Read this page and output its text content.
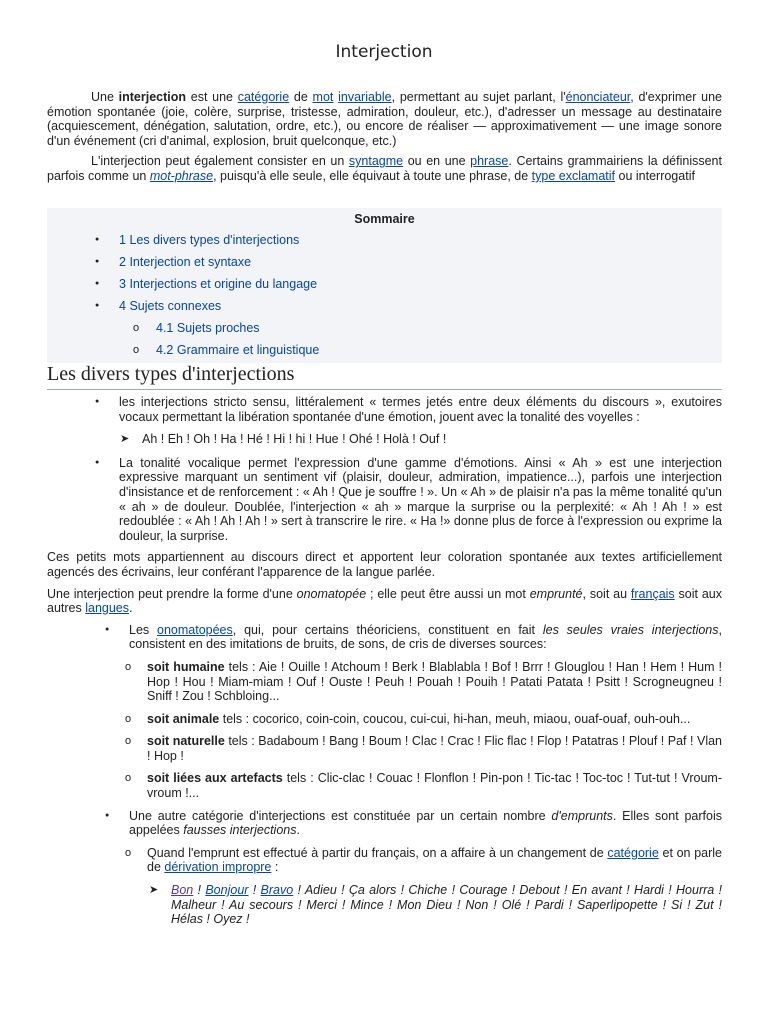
Interjection

Une interjection est une catégorie de mot invariable, permettant au sujet parlant, l'énonciateur, d'exprimer une émotion spontanée (joie, colère, surprise, tristesse, admiration, douleur, etc.), d'adresser un message au destinataire (acquiescement, dénégation, salutation, ordre, etc.), ou encore de réaliser — approximativement — une image sonore d'un événement (cri d'animal, explosion, bruit quelconque, etc.)

L'interjection peut également consister en un syntagme ou en une phrase. Certains grammairiens la définissent parfois comme un mot-phrase, puisqu'à elle seule, elle équivaut à toute une phrase, de type exclamatif ou interrogatif

Sommaire
● 1 Les divers types d'interjections
● 2 Interjection et syntaxe
● 3 Interjections et origine du langage
● 4 Sujets connexes
o 4.1 Sujets proches
o 4.2 Grammaire et linguistique
Les divers types d'interjections
● les interjections stricto sensu, littéralement « termes jetés entre deux éléments du discours », exutoires vocaux permettant la libération spontanée d'une émotion, jouent avec la tonalité des voyelles :
➤ Ah ! Eh ! Oh ! Ha ! Hé ! Hi ! hi ! Hue ! Ohé ! Holà ! Ouf !
● La tonalité vocalique permet l'expression d'une gamme d'émotions. Ainsi « Ah » est une interjection expressive marquant un sentiment vif (plaisir, douleur, admiration, impatience...), parfois une interjection d'insistance et de renforcement : « Ah ! Que je souffre ! ». Un « Ah » de plaisir n'a pas la même tonalité qu'un « ah » de douleur. Doublée, l'interjection « ah » marque la surprise ou la perplexité: « Ah ! Ah ! » est redoublée : « Ah ! Ah ! Ah ! » sert à transcrire le rire. « Ha !» donne plus de force à l'expression ou exprime la douleur, la surprise.

Ces petits mots appartiennent au discours direct et apportent leur coloration spontanée aux textes artificiellement agencés des écrivains, leur conférant l'apparence de la langue parlée.

Une interjection peut prendre la forme d'une onomatopée ; elle peut être aussi un mot emprunté, soit au français soit aux autres langues.

● Les onomatopées, qui, pour certains théoriciens, constituent en fait les seules vraies interjections, consistent en des imitations de bruits, de sons, de cris de diverses sources:
o soit humaine tels : Aie ! Ouille ! Atchoum ! Berk ! Blablabla ! Bof ! Brrr ! Glouglou ! Han ! Hem ! Hum ! Hop ! Hou ! Miam-miam ! Ouf ! Ouste ! Peuh ! Pouah ! Pouih ! Patati Patata ! Psitt ! Scrogneugneu ! Sniff ! Zou ! Schbloing...
o soit animale tels : cocorico, coin-coin, coucou, cui-cui, hi-han, meuh, miaou, ouaf-ouaf, ouh-ouh...
o soit naturelle tels : Badaboum ! Bang ! Boum ! Clac ! Crac ! Flic flac ! Flop ! Patatras ! Plouf ! Paf ! Vlan ! Hop !
o soit liées aux artefacts tels : Clic-clac ! Couac ! Flonflon ! Pin-pon ! Tic-tac ! Toc-toc ! Tut-tut ! Vroum-vroum !...
● Une autre catégorie d'interjections est constituée par un certain nombre d'emprunts. Elles sont parfois appelées fausses interjections.
o Quand l'emprunt est effectué à partir du français, on a affaire à un changement de catégorie et on parle de dérivation impropre :
➤ Bon ! Bonjour ! Bravo ! Adieu ! Ça alors ! Chiche ! Courage ! Debout ! En avant ! Hardi ! Hourra ! Malheur ! Au secours ! Merci ! Mince ! Mon Dieu ! Non ! Olé ! Pardi ! Saperlipopette ! Si ! Zut ! Hélas ! Oyez !
